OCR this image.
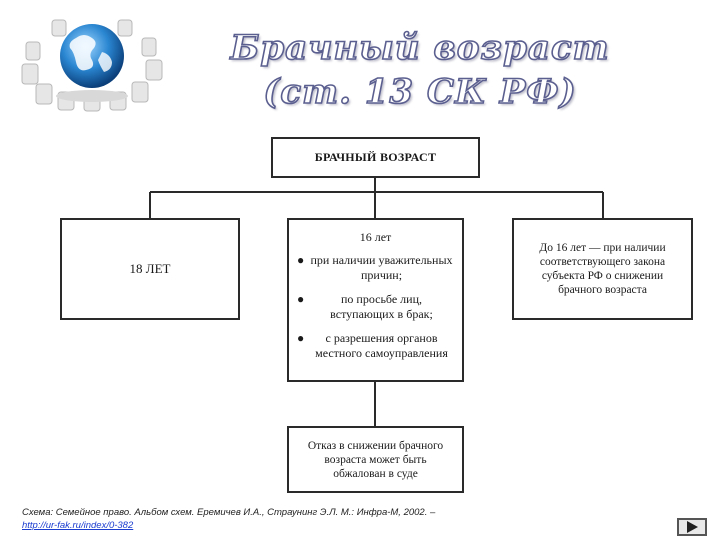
Брачный возраст
(ст. 13 СК РФ)
БРАЧНЫЙ ВОЗРАСТ
18 ЛЕТ
16 лет
● при наличии уважительных причин;
●	по просьбе лиц, вступающих в брак;
●	с разрешения органов местного самоуправления
До 16 лет — при наличии соответствующего закона субъекта РФ о снижении брачного возраста
Отказ в снижении брачного возраста может быть обжалован в суде
Схема: Семейное право. Альбом схем. Еремичев И.А., Страунинг Э.Л. М.: Инфра-М, 2002. –
http://ur-fak.ru/index/0-382
